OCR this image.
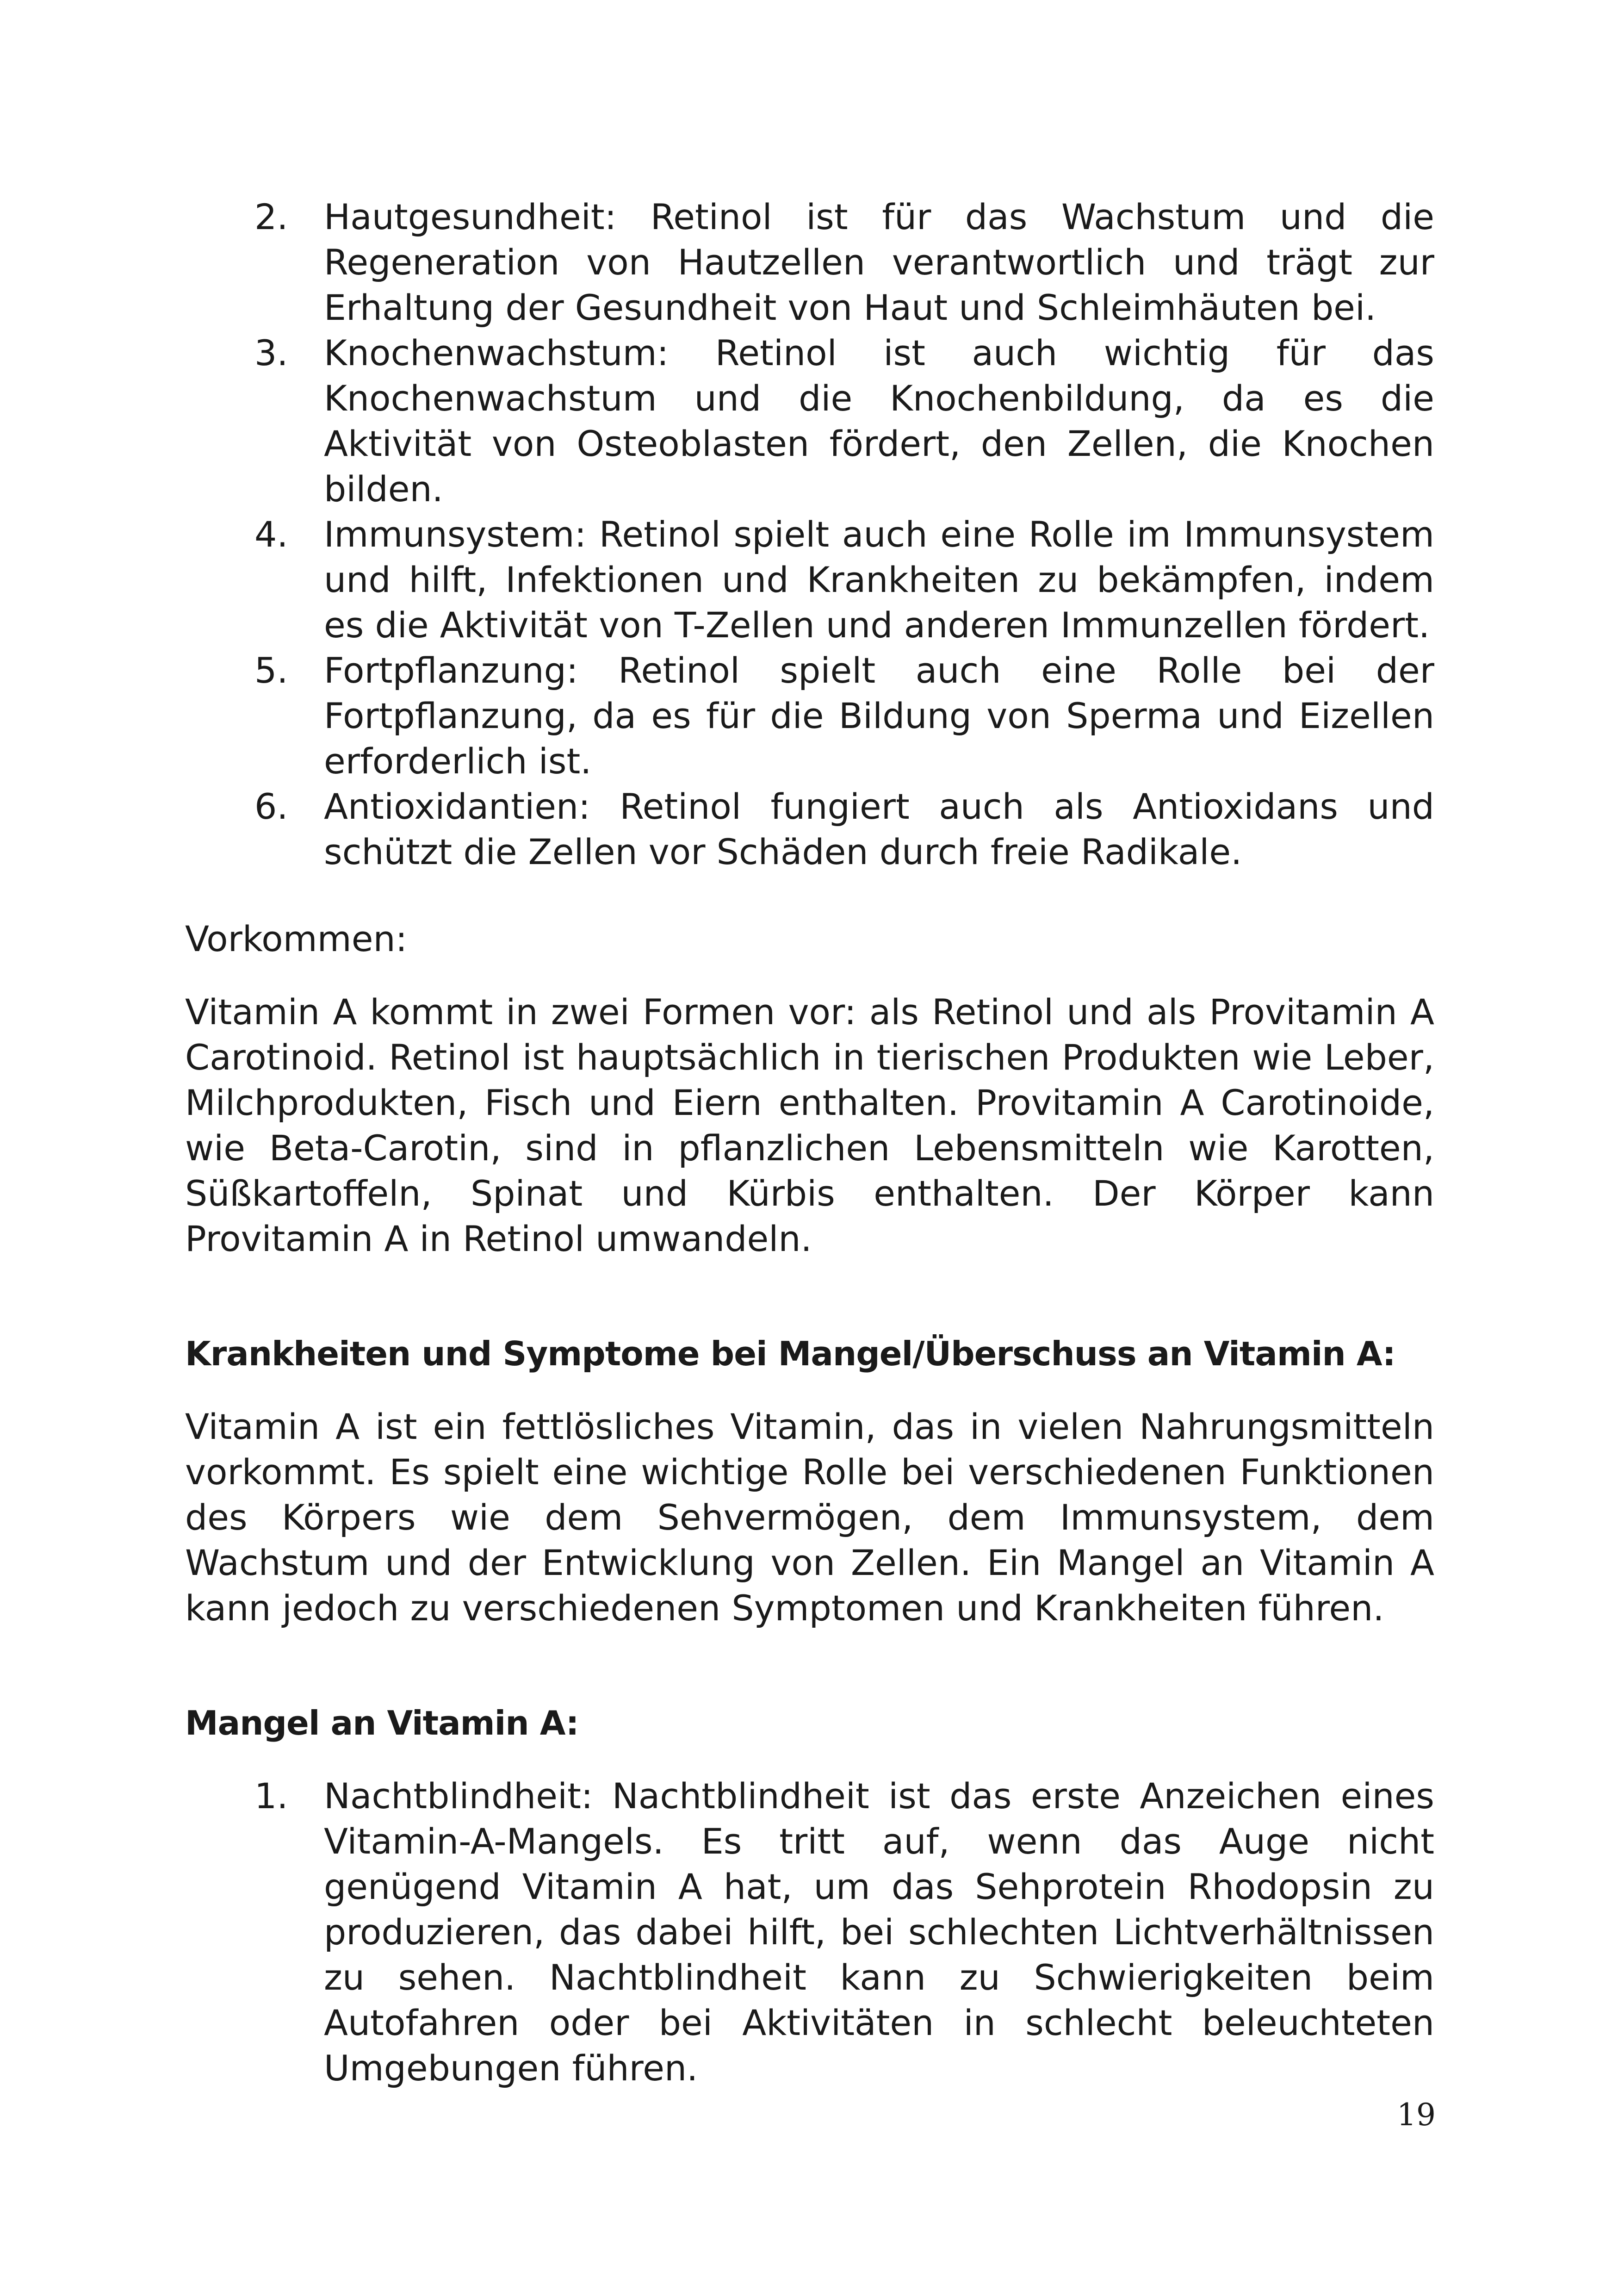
2. Hautgesundheit: Retinol ist für das Wachstum und die Regeneration von Hautzellen verantwortlich und trägt zur Erhaltung der Gesundheit von Haut und Schleimhäuten bei.
3. Knochenwachstum: Retinol ist auch wichtig für das Knochenwachstum und die Knochenbildung, da es die Aktivität von Osteoblasten fördert, den Zellen, die Knochen bilden.
4. Immunsystem: Retinol spielt auch eine Rolle im Immunsystem und hilft, Infektionen und Krankheiten zu bekämpfen, indem es die Aktivität von T-Zellen und anderen Immunzellen fördert.
5. Fortpflanzung: Retinol spielt auch eine Rolle bei der Fortpflanzung, da es für die Bildung von Sperma und Eizellen erforderlich ist.
6. Antioxidantien: Retinol fungiert auch als Antioxidans und schützt die Zellen vor Schäden durch freie Radikale.

Vorkommen:

Vitamin A kommt in zwei Formen vor: als Retinol und als Provitamin A Carotinoid. Retinol ist hauptsächlich in tierischen Produkten wie Leber, Milchprodukten, Fisch und Eiern enthalten. Provitamin A Carotinoide, wie Beta-Carotin, sind in pflanzlichen Lebensmitteln wie Karotten, Süßkartoffeln, Spinat und Kürbis enthalten. Der Körper kann Provitamin A in Retinol umwandeln.

Krankheiten und Symptome bei Mangel/Überschuss an Vitamin A:

Vitamin A ist ein fettlösliches Vitamin, das in vielen Nahrungsmitteln vorkommt. Es spielt eine wichtige Rolle bei verschiedenen Funktionen des Körpers wie dem Sehvermögen, dem Immunsystem, dem Wachstum und der Entwicklung von Zellen. Ein Mangel an Vitamin A kann jedoch zu verschiedenen Symptomen und Krankheiten führen.

Mangel an Vitamin A:
1. Nachtblindheit: Nachtblindheit ist das erste Anzeichen eines Vitamin-A-Mangels. Es tritt auf, wenn das Auge nicht genügend Vitamin A hat, um das Sehprotein Rhodopsin zu produzieren, das dabei hilft, bei schlechten Lichtverhältnissen zu sehen. Nachtblindheit kann zu Schwierigkeiten beim Autofahren oder bei Aktivitäten in schlecht beleuchteten Umgebungen führen.
19
